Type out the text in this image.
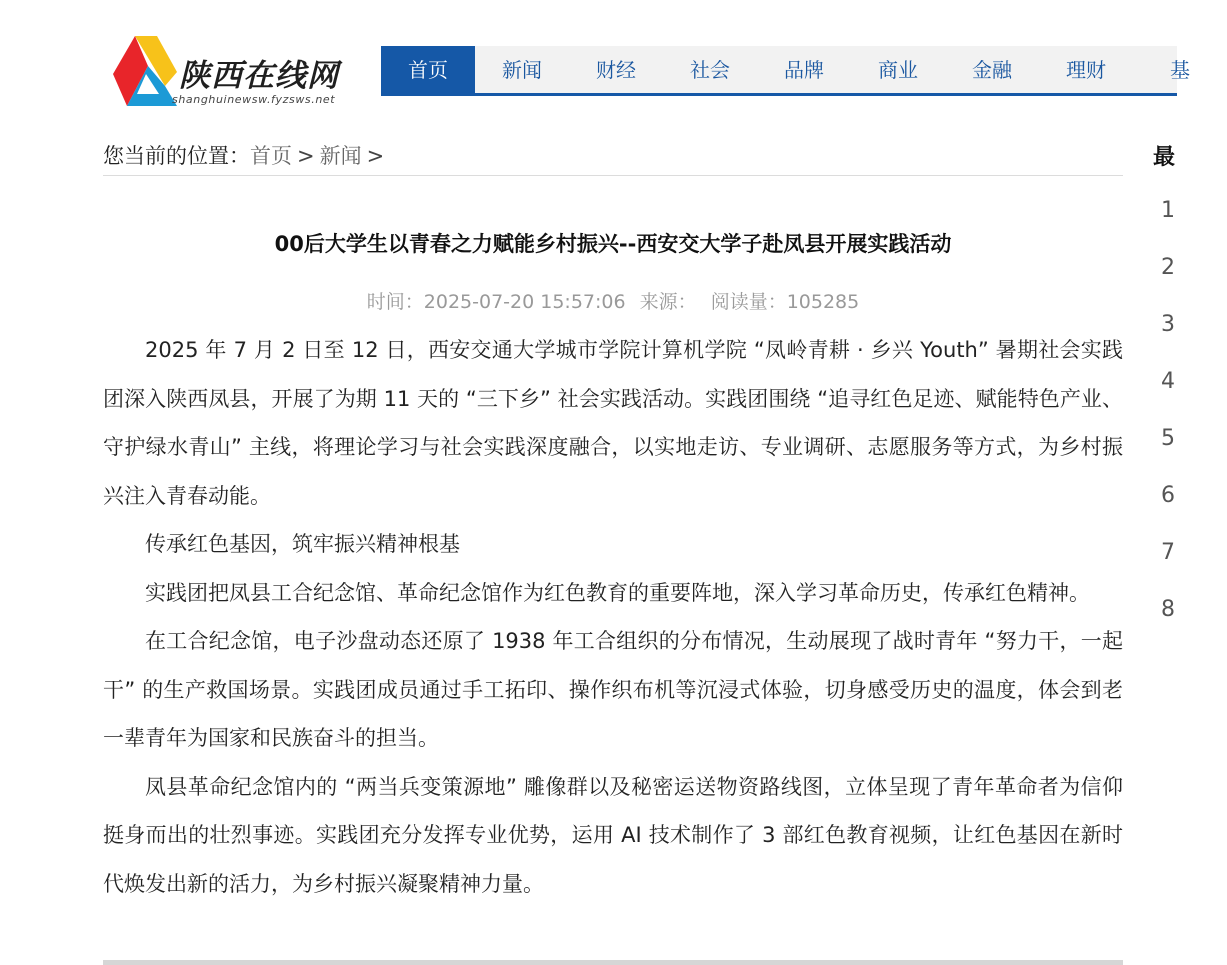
陕西在线网
shanghuinewsw.fyzsws.net
首页	新闻	财经	社会	品牌	商业	金融	理财	基
您当前的位置：首页 > 新闻 >
00后大学生以青春之力赋能乡村振兴--西安交大学子赴凤县开展实践活动
时间：2025-07-20 15:57:06 来源： 阅读量：105285

2025 年 7 月 2 日至 12 日，西安交通大学城市学院计算机学院 “凤岭青耕 · 乡兴 Youth” 暑期社会实践团深入陕西凤县，开展了为期 11 天的 “三下乡” 社会实践活动。实践团围绕 “追寻红色足迹、赋能特色产业、守护绿水青山” 主线，将理论学习与社会实践深度融合，以实地走访、专业调研、志愿服务等方式，为乡村振兴注入青春动能。

传承红色基因，筑牢振兴精神根基

实践团把凤县工合纪念馆、革命纪念馆作为红色教育的重要阵地，深入学习革命历史，传承红色精神。

在工合纪念馆，电子沙盘动态还原了 1938 年工合组织的分布情况，生动展现了战时青年 “努力干，一起干” 的生产救国场景。实践团成员通过手工拓印、操作织布机等沉浸式体验，切身感受历史的温度，体会到老一辈青年为国家和民族奋斗的担当。

凤县革命纪念馆内的 “两当兵变策源地” 雕像群以及秘密运送物资路线图，立体呈现了青年革命者为信仰挺身而出的壮烈事迹。实践团充分发挥专业优势，运用 AI 技术制作了 3 部红色教育视频，让红色基因在新时代焕发出新的活力，为乡村振兴凝聚精神力量。

最
1
2
3
4
5
6
7
8
